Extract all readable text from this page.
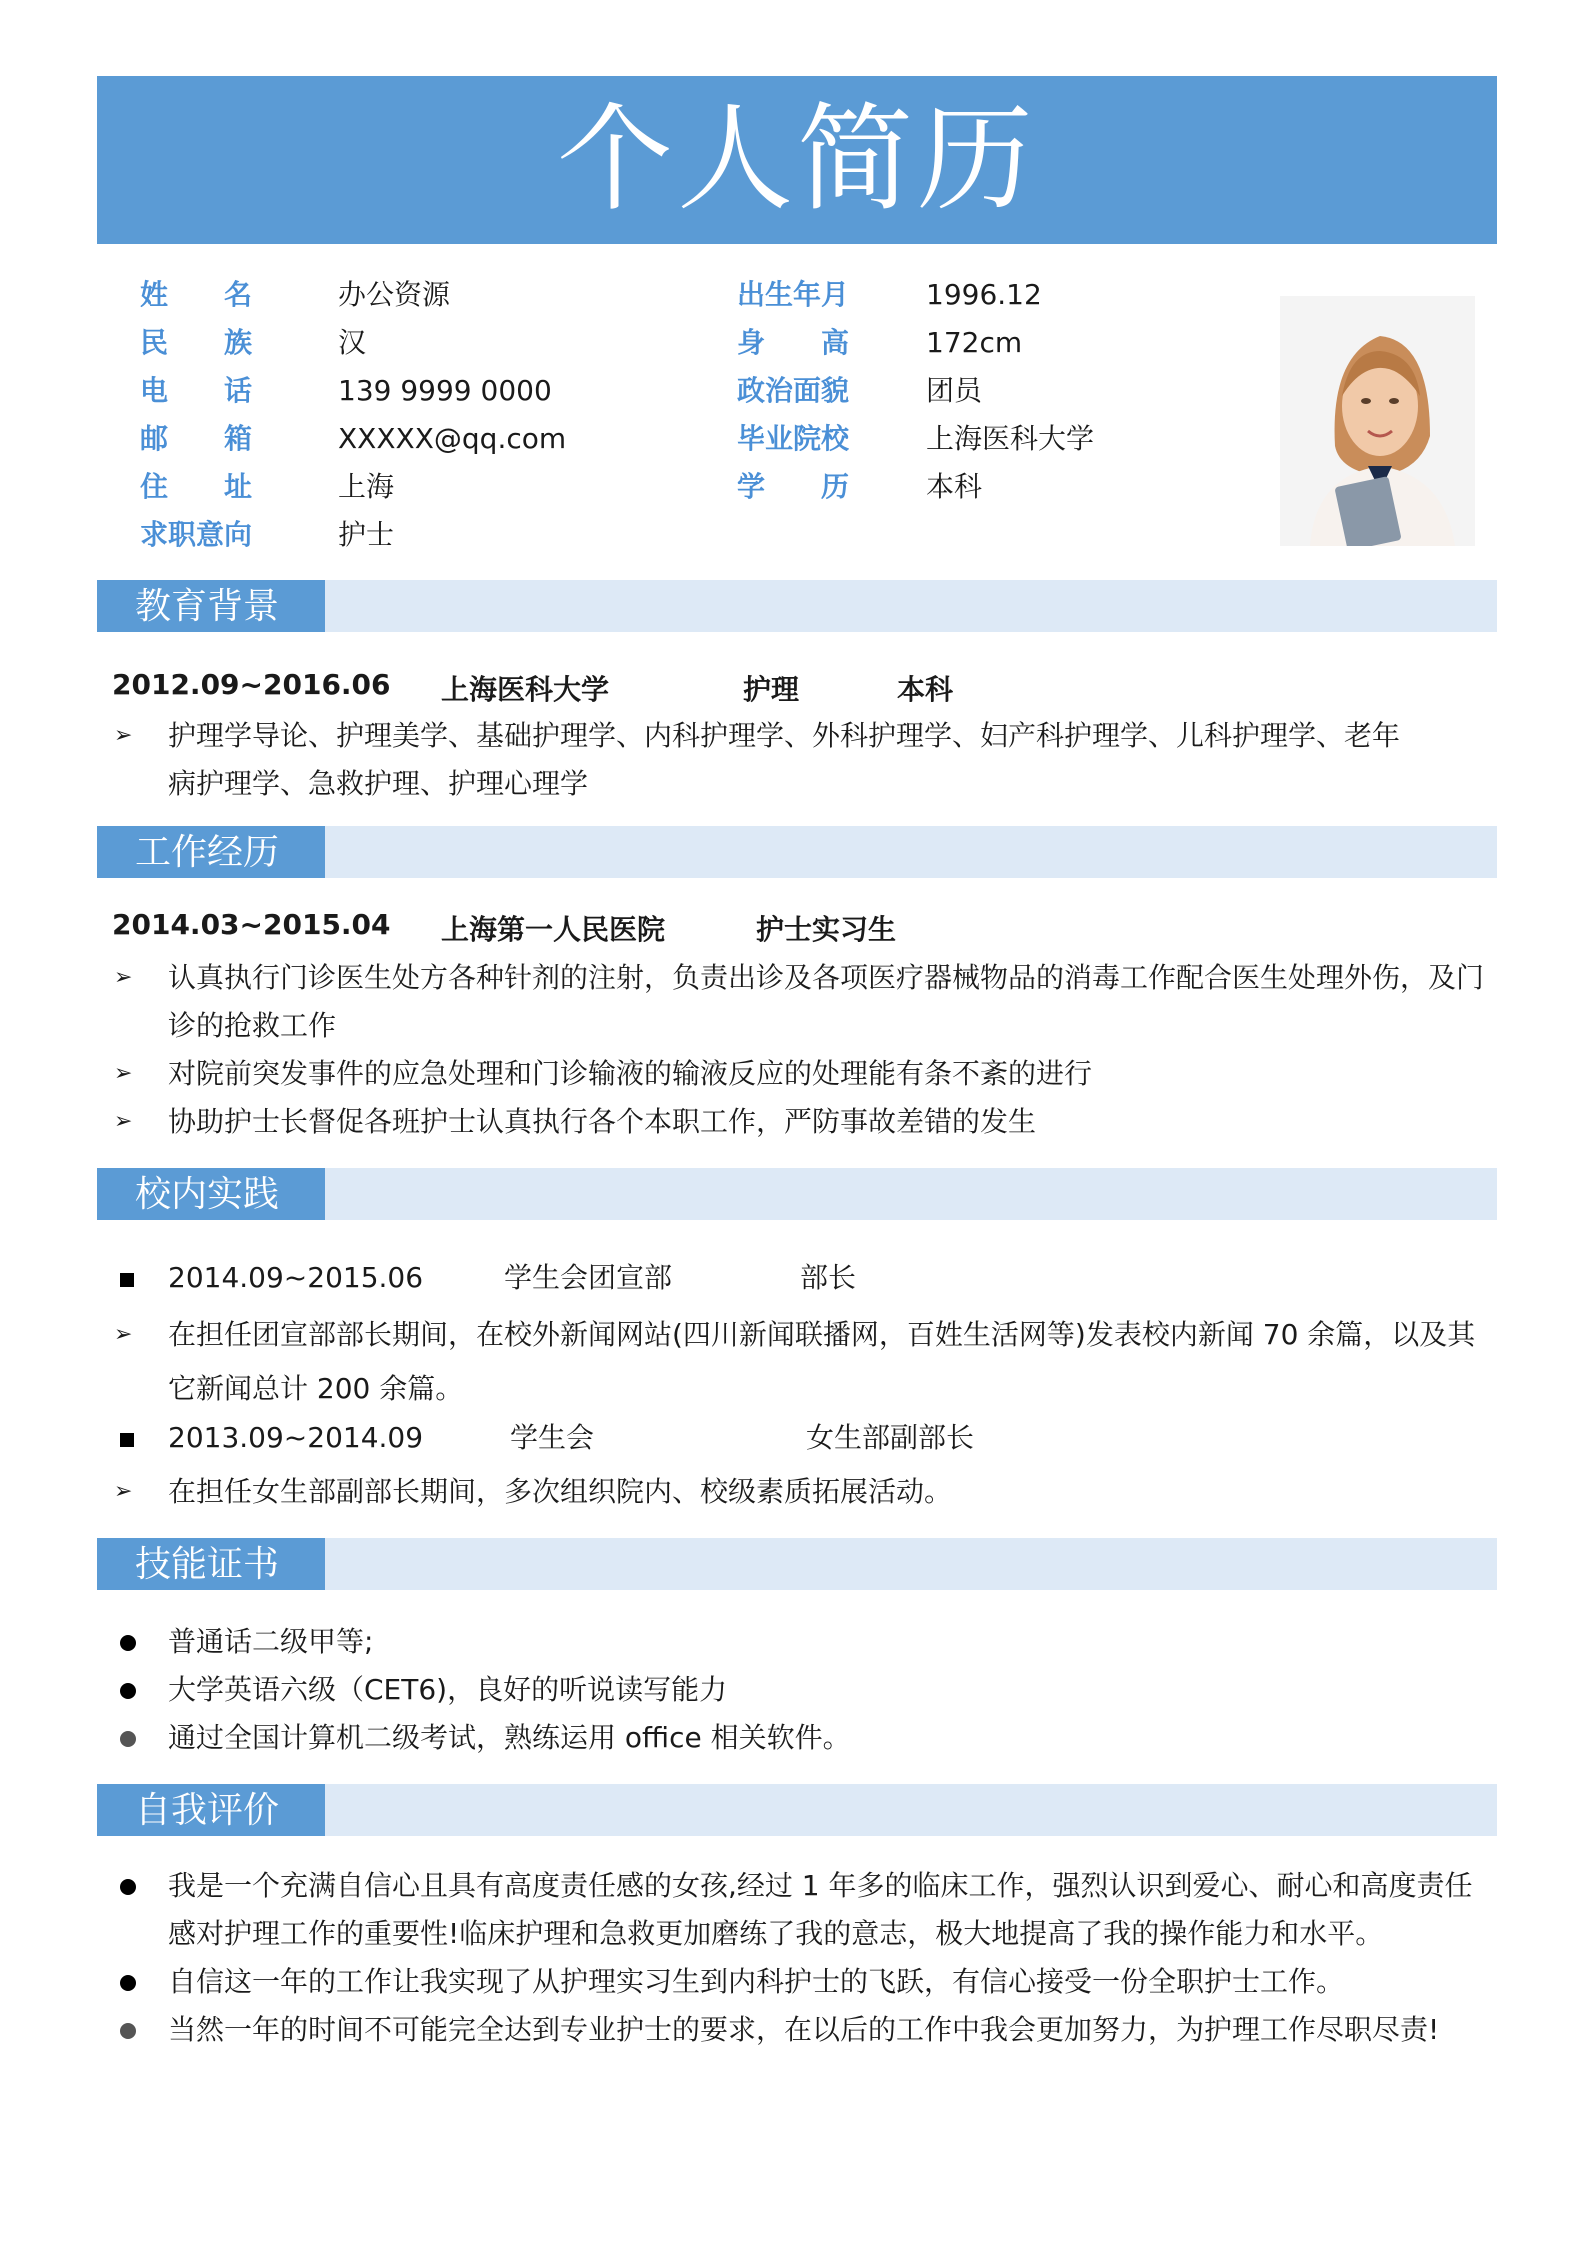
个人简历
姓　　名	办公资源
民　　族	汉
电　　话	139 9999 0000
邮　　箱	XXXXX@qq.com
住　　址	上海
求职意向	护士
出生年月	1996.12
身　　高	172cm
政治面貌	团员
毕业院校	上海医科大学
学　　历	本科
教育背景
2012.09~2016.06 上海医科大学	护理	本科
➢	护理学导论、护理美学、基础护理学、内科护理学、外科护理学、妇产科护理学、儿科护理学、老年
病护理学、急救护理、护理心理学
工作经历
2014.03~2015.04 上海第一人民医院	护士实习生
➢	认真执行门诊医生处方各种针剂的注射，负责出诊及各项医疗器械物品的消毒工作配合医生处理外伤，及门
诊的抢救工作
➢	对院前突发事件的应急处理和门诊输液的输液反应的处理能有条不紊的进行
➢	协助护士长督促各班护士认真执行各个本职工作，严防事故差错的发生
校内实践
2014.09~2015.06	学生会团宣部	部长
➢	在担任团宣部部长期间，在校外新闻网站(四川新闻联播网，百姓生活网等)发表校内新闻 70 余篇，以及其
它新闻总计 200 余篇。
2013.09~2014.09	学生会	女生部副部长
➢	在担任女生部副部长期间，多次组织院内、校级素质拓展活动。
技能证书
普通话二级甲等;
大学英语六级（CET6)，良好的听说读写能力
通过全国计算机二级考试，熟练运用 office 相关软件。
自我评价
我是一个充满自信心且具有高度责任感的女孩,经过 1 年多的临床工作，强烈认识到爱心、耐心和高度责任
感对护理工作的重要性!临床护理和急救更加磨练了我的意志，极大地提高了我的操作能力和水平。
自信这一年的工作让我实现了从护理实习生到内科护士的飞跃，有信心接受一份全职护士工作。
当然一年的时间不可能完全达到专业护士的要求，在以后的工作中我会更加努力，为护理工作尽职尽责!
